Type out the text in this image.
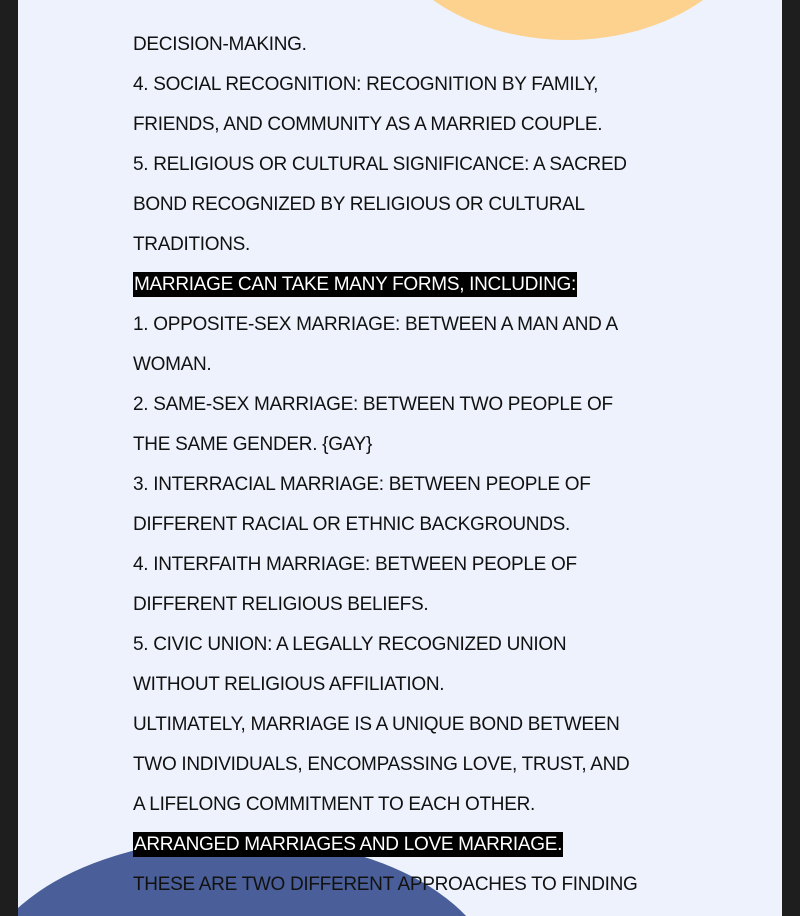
DECISION-MAKING.
4. SOCIAL RECOGNITION: RECOGNITION BY FAMILY,
FRIENDS, AND COMMUNITY AS A MARRIED COUPLE.
5. RELIGIOUS OR CULTURAL SIGNIFICANCE: A SACRED
BOND RECOGNIZED BY RELIGIOUS OR CULTURAL
TRADITIONS.
MARRIAGE CAN TAKE MANY FORMS, INCLUDING:
1. OPPOSITE-SEX MARRIAGE: BETWEEN A MAN AND A
WOMAN.
2. SAME-SEX MARRIAGE: BETWEEN TWO PEOPLE OF
THE SAME GENDER. {GAY}
3. INTERRACIAL MARRIAGE: BETWEEN PEOPLE OF
DIFFERENT RACIAL OR ETHNIC BACKGROUNDS.
4. INTERFAITH MARRIAGE: BETWEEN PEOPLE OF
DIFFERENT RELIGIOUS BELIEFS.
5. CIVIC UNION: A LEGALLY RECOGNIZED UNION
WITHOUT RELIGIOUS AFFILIATION.
ULTIMATELY, MARRIAGE IS A UNIQUE BOND BETWEEN
TWO INDIVIDUALS, ENCOMPASSING LOVE, TRUST, AND
A LIFELONG COMMITMENT TO EACH OTHER.
ARRANGED MARRIAGES AND LOVE MARRIAGE.
THESE ARE TWO DIFFERENT APPROACHES TO FINDING
